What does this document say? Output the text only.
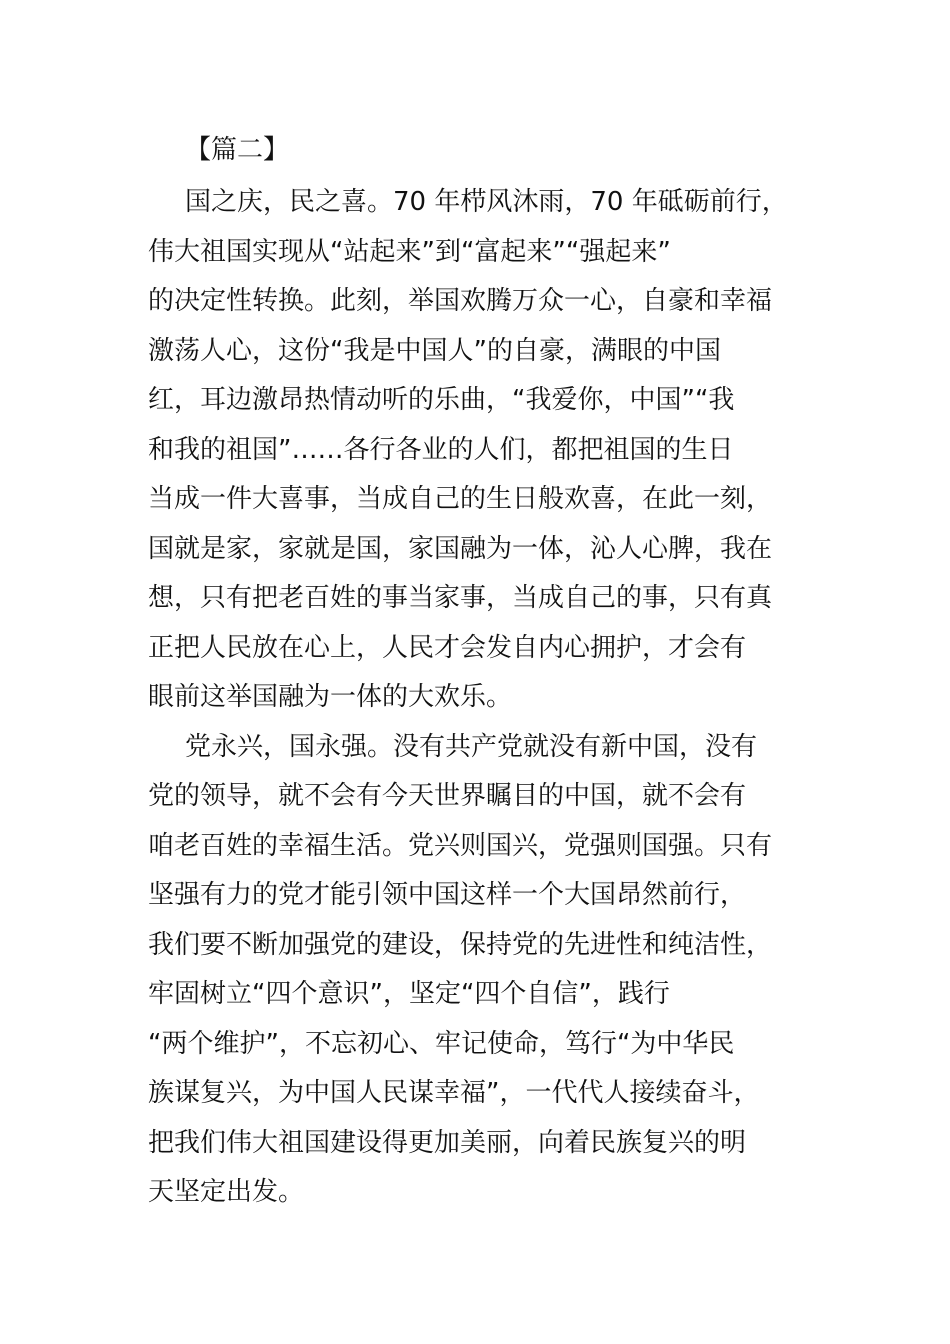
【篇二】

国之庆，民之喜。70 年栉风沐雨，70 年砥砺前行，

伟大祖国实现从“站起来”到“富起来”“强起来”

的决定性转换。此刻，举国欢腾万众一心，自豪和幸福

激荡人心，这份“我是中国人”的自豪，满眼的中国

红，耳边激昂热情动听的乐曲，“我爱你，中国”“我

和我的祖国”……各行各业的人们，都把祖国的生日

当成一件大喜事，当成自己的生日般欢喜，在此一刻，

国就是家，家就是国，家国融为一体，沁人心脾，我在

想，只有把老百姓的事当家事，当成自己的事，只有真

正把人民放在心上，人民才会发自内心拥护，才会有

眼前这举国融为一体的大欢乐。

党永兴，国永强。没有共产党就没有新中国，没有

党的领导，就不会有今天世界瞩目的中国，就不会有

咱老百姓的幸福生活。党兴则国兴，党强则国强。只有

坚强有力的党才能引领中国这样一个大国昂然前行，

我们要不断加强党的建设，保持党的先进性和纯洁性，

牢固树立“四个意识”，坚定“四个自信”，践行

“两个维护”，不忘初心、牢记使命，笃行“为中华民

族谋复兴，为中国人民谋幸福”，一代代人接续奋斗，

把我们伟大祖国建设得更加美丽，向着民族复兴的明

天坚定出发。
